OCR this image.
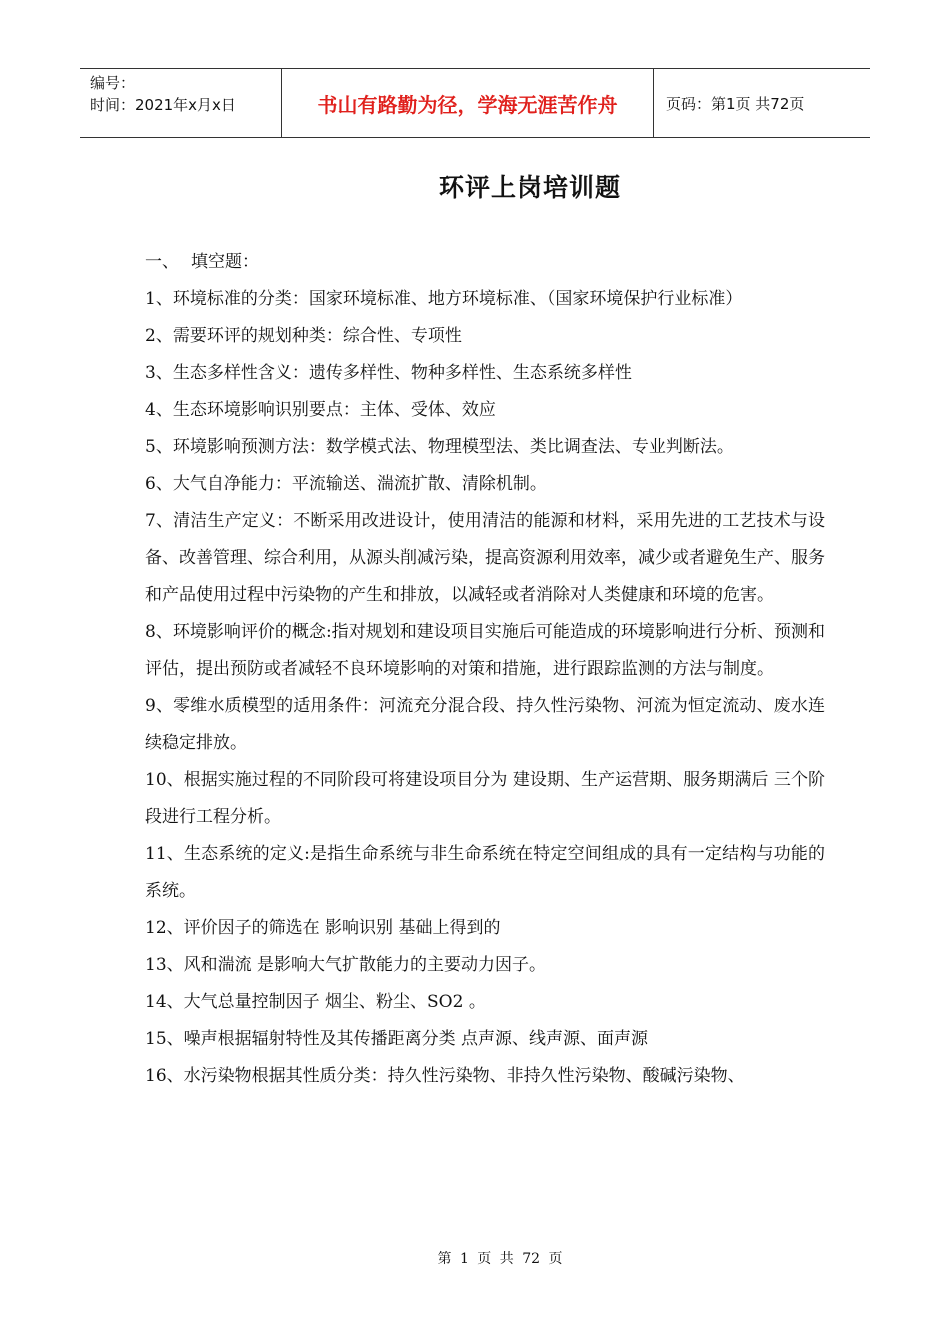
编号：
时间：2021年x月x日	书山有路勤为径，学海无涯苦作舟	页码：第1页 共72页
环评上岗培训题
一、 填空题：

1、环境标准的分类：国家环境标准、地方环境标准、（国家环境保护行业标准）

2、需要环评的规划种类：综合性、专项性

3、生态多样性含义：遗传多样性、物种多样性、生态系统多样性

4、生态环境影响识别要点：主体、受体、效应

5、环境影响预测方法：数学模式法、物理模型法、类比调查法、专业判断法。

6、大气自净能力：平流输送、湍流扩散、清除机制。

7、清洁生产定义：不断采用改进设计，使用清洁的能源和材料，采用先进的工艺技术与设备、改善管理、综合利用，从源头削减污染，提高资源利用效率，减少或者避免生产、服务和产品使用过程中污染物的产生和排放，以减轻或者消除对人类健康和环境的危害。

8、环境影响评价的概念:指对规划和建设项目实施后可能造成的环境影响进行分析、预测和评估，提出预防或者减轻不良环境影响的对策和措施，进行跟踪监测的方法与制度。

9、零维水质模型的适用条件：河流充分混合段、持久性污染物、河流为恒定流动、废水连续稳定排放。

10、根据实施过程的不同阶段可将建设项目分为 建设期、生产运营期、服务期满后 三个阶段进行工程分析。

11、生态系统的定义:是指生命系统与非生命系统在特定空间组成的具有一定结构与功能的系统。

12、评价因子的筛选在 影响识别 基础上得到的

13、风和湍流 是影响大气扩散能力的主要动力因子。

14、大气总量控制因子 烟尘、粉尘、SO2 。

15、噪声根据辐射特性及其传播距离分类 点声源、线声源、面声源

16、水污染物根据其性质分类：持久性污染物、非持久性污染物、酸碱污染物、

第 1 页 共 72 页
